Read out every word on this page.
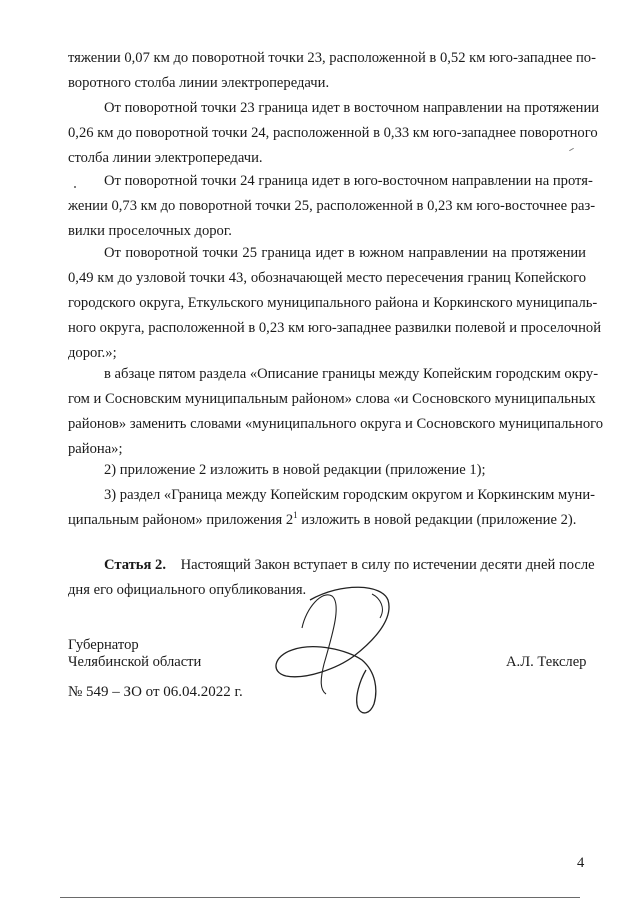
тяжении 0,07 км до поворотной точки 23, расположенной в 0,52 км юго-западнее по-
воротного столба линии электропередачи.
От поворотной точки 23 граница идет в восточном направлении на протяжении
0,26 км до поворотной точки 24, расположенной в 0,33 км юго-западнее поворотного
столба линии электропередачи.
От поворотной точки 24 граница идет в юго-восточном направлении на протя-
жении 0,73 км до поворотной точки 25, расположенной в 0,23 км юго-восточнее раз-
вилки проселочных дорог.
От поворотной точки 25 граница идет в южном направлении на протяжении
0,49 км до узловой точки 43, обозначающей место пересечения границ Копейского
городского округа, Еткульского муниципального района и Коркинского муниципаль-
ного округа, расположенной в 0,23 км юго-западнее развилки полевой и проселочной
дорог.»;
в абзаце пятом раздела «Описание границы между Копейским городским окру-
гом и Сосновским муниципальным районом» слова «и Сосновского муниципальных
районов» заменить словами «муниципального округа и Сосновского муниципального
района»;
2) приложение 2 изложить в новой редакции (приложение 1);
3) раздел «Граница между Копейским городским округом и Коркинским муни-
ципальным районом» приложения $2^1$ изложить в новой редакции (приложение 2).
Статья 2. Настоящий Закон вступает в силу по истечении десяти дней после
дня его официального опубликования.
Губернатор
Челябинской области	А.Л. Текслер
№ 549 – ЗО от 06.04.2022 г.
4
